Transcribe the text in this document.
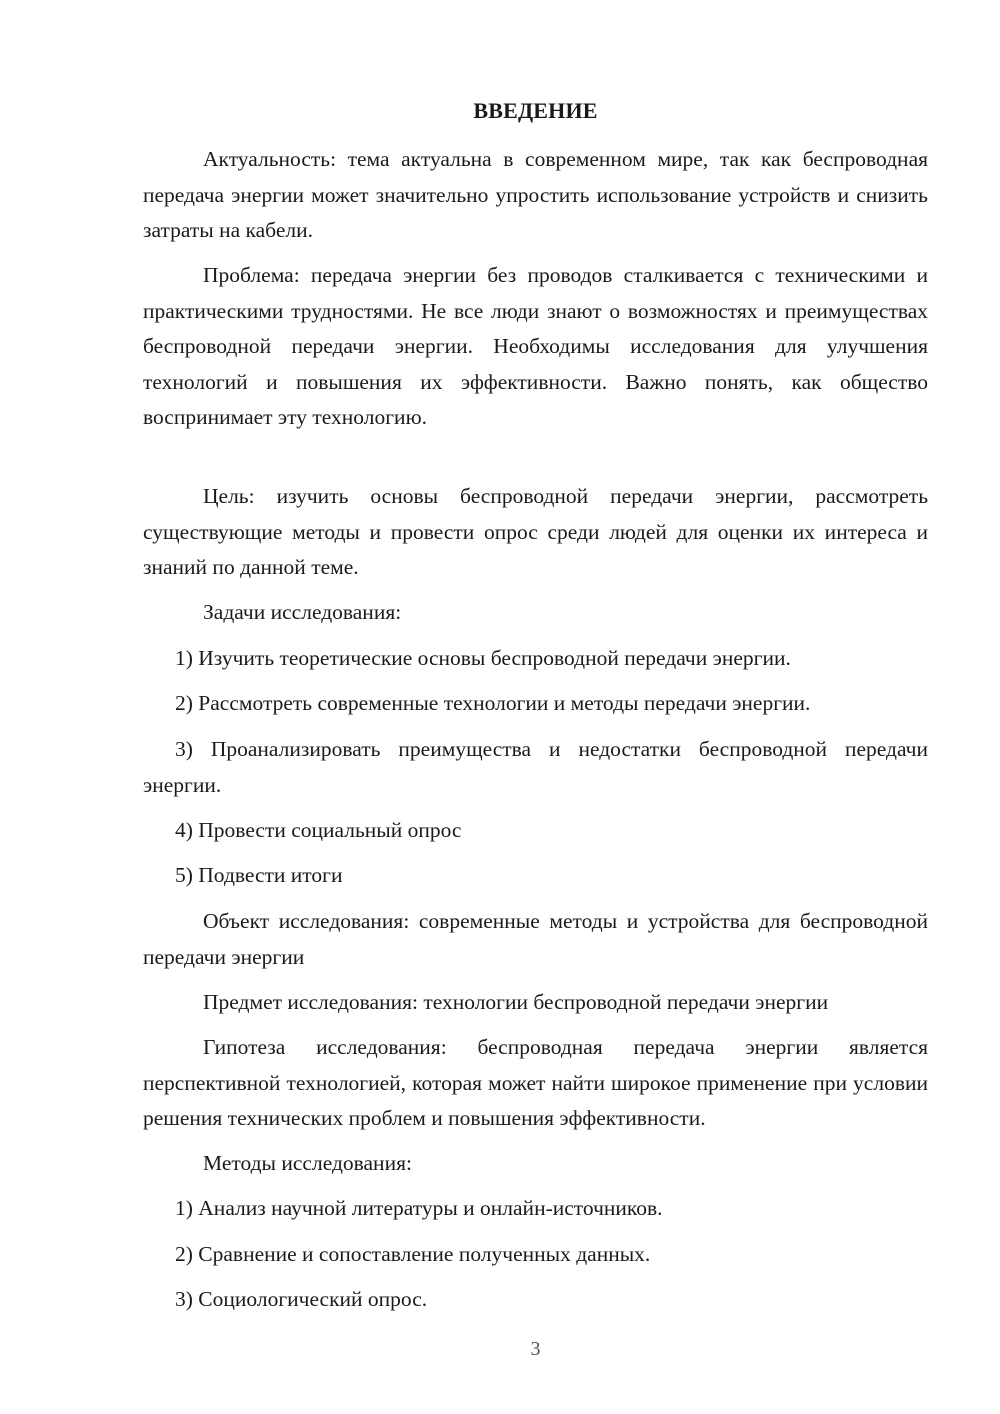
ВВЕДЕНИЕ

Актуальность: тема актуальна в современном мире, так как беспроводная передача энергии может значительно упростить использование устройств и снизить затраты на кабели.

Проблема: передача энергии без проводов сталкивается с техническими и практическими трудностями. Не все люди знают о возможностях и преимуществах беспроводной передачи энергии. Необходимы исследования для улучшения технологий и повышения их эффективности. Важно понять, как общество воспринимает эту технологию.

Цель: изучить основы беспроводной передачи энергии, рассмотреть существующие методы и провести опрос среди людей для оценки их интереса и знаний по данной теме.

Задачи исследования:

1) Изучить теоретические основы беспроводной передачи энергии.

2) Рассмотреть современные технологии и методы передачи энергии.

3) Проанализировать преимущества и недостатки беспроводной передачи энергии.

4) Провести социальный опрос

5) Подвести итоги

Объект исследования: современные методы и устройства для беспроводной передачи энергии

Предмет исследования: технологии беспроводной передачи энергии

Гипотеза исследования: беспроводная передача энергии является перспективной технологией, которая может найти широкое применение при условии решения технических проблем и повышения эффективности.

Методы исследования:

1) Анализ научной литературы и онлайн-источников.

2) Сравнение и сопоставление полученных данных.

3) Социологический опрос.

3
